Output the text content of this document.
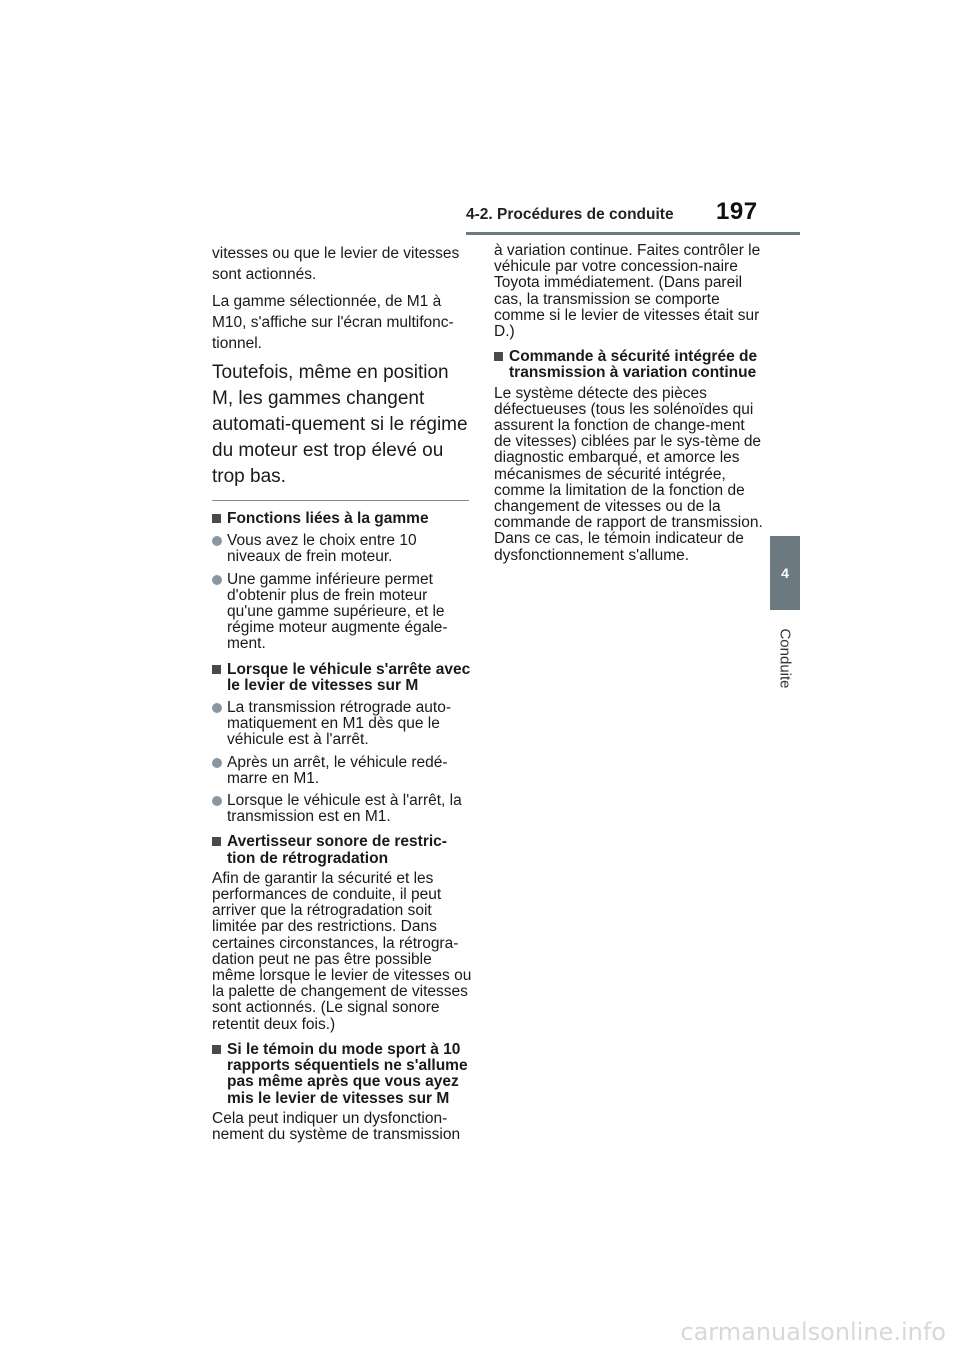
4-2. Procédures de conduite	197
4
Conduite

vitesses ou que le levier de vitesses sont actionnés.

La gamme sélectionnée, de M1 à M10, s'affiche sur l'écran multifonc-tionnel.

Toutefois, même en position M, les gammes changent automati-quement si le régime du moteur est trop élevé ou trop bas.

Fonctions liées à la gamme
Vous avez le choix entre 10 niveaux de frein moteur.
Une gamme inférieure permet d'obtenir plus de frein moteur qu'une gamme supérieure, et le régime moteur augmente égale-ment.
Lorsque le véhicule s'arrête avec le levier de vitesses sur M
La transmission rétrograde auto-matiquement en M1 dès que le véhicule est à l'arrêt.
Après un arrêt, le véhicule redé-marre en M1.
Lorsque le véhicule est à l'arrêt, la transmission est en M1.
Avertisseur sonore de restric-tion de rétrogradation

Afin de garantir la sécurité et les performances de conduite, il peut arriver que la rétrogradation soit limitée par des restrictions. Dans certaines circonstances, la rétrogra-dation peut ne pas être possible même lorsque le levier de vitesses ou la palette de changement de vitesses sont actionnés. (Le signal sonore retentit deux fois.)

Si le témoin du mode sport à 10 rapports séquentiels ne s'allume pas même après que vous ayez mis le levier de vitesses sur M

Cela peut indiquer un dysfonction-nement du système de transmission

à variation continue. Faites contrôler le véhicule par votre concession-naire Toyota immédiatement. (Dans pareil cas, la transmission se comporte comme si le levier de vitesses était sur D.)

Commande à sécurité intégrée de transmission à variation continue

Le système détecte des pièces défectueuses (tous les solénoïdes qui assurent la fonction de change-ment de vitesses) ciblées par le sys-tème de diagnostic embarqué, et amorce les mécanismes de sécurité intégrée, comme la limitation de la fonction de changement de vitesses ou de la commande de rapport de transmission.

Dans ce cas, le témoin indicateur de dysfonctionnement s'allume.

carmanualsonline.info
